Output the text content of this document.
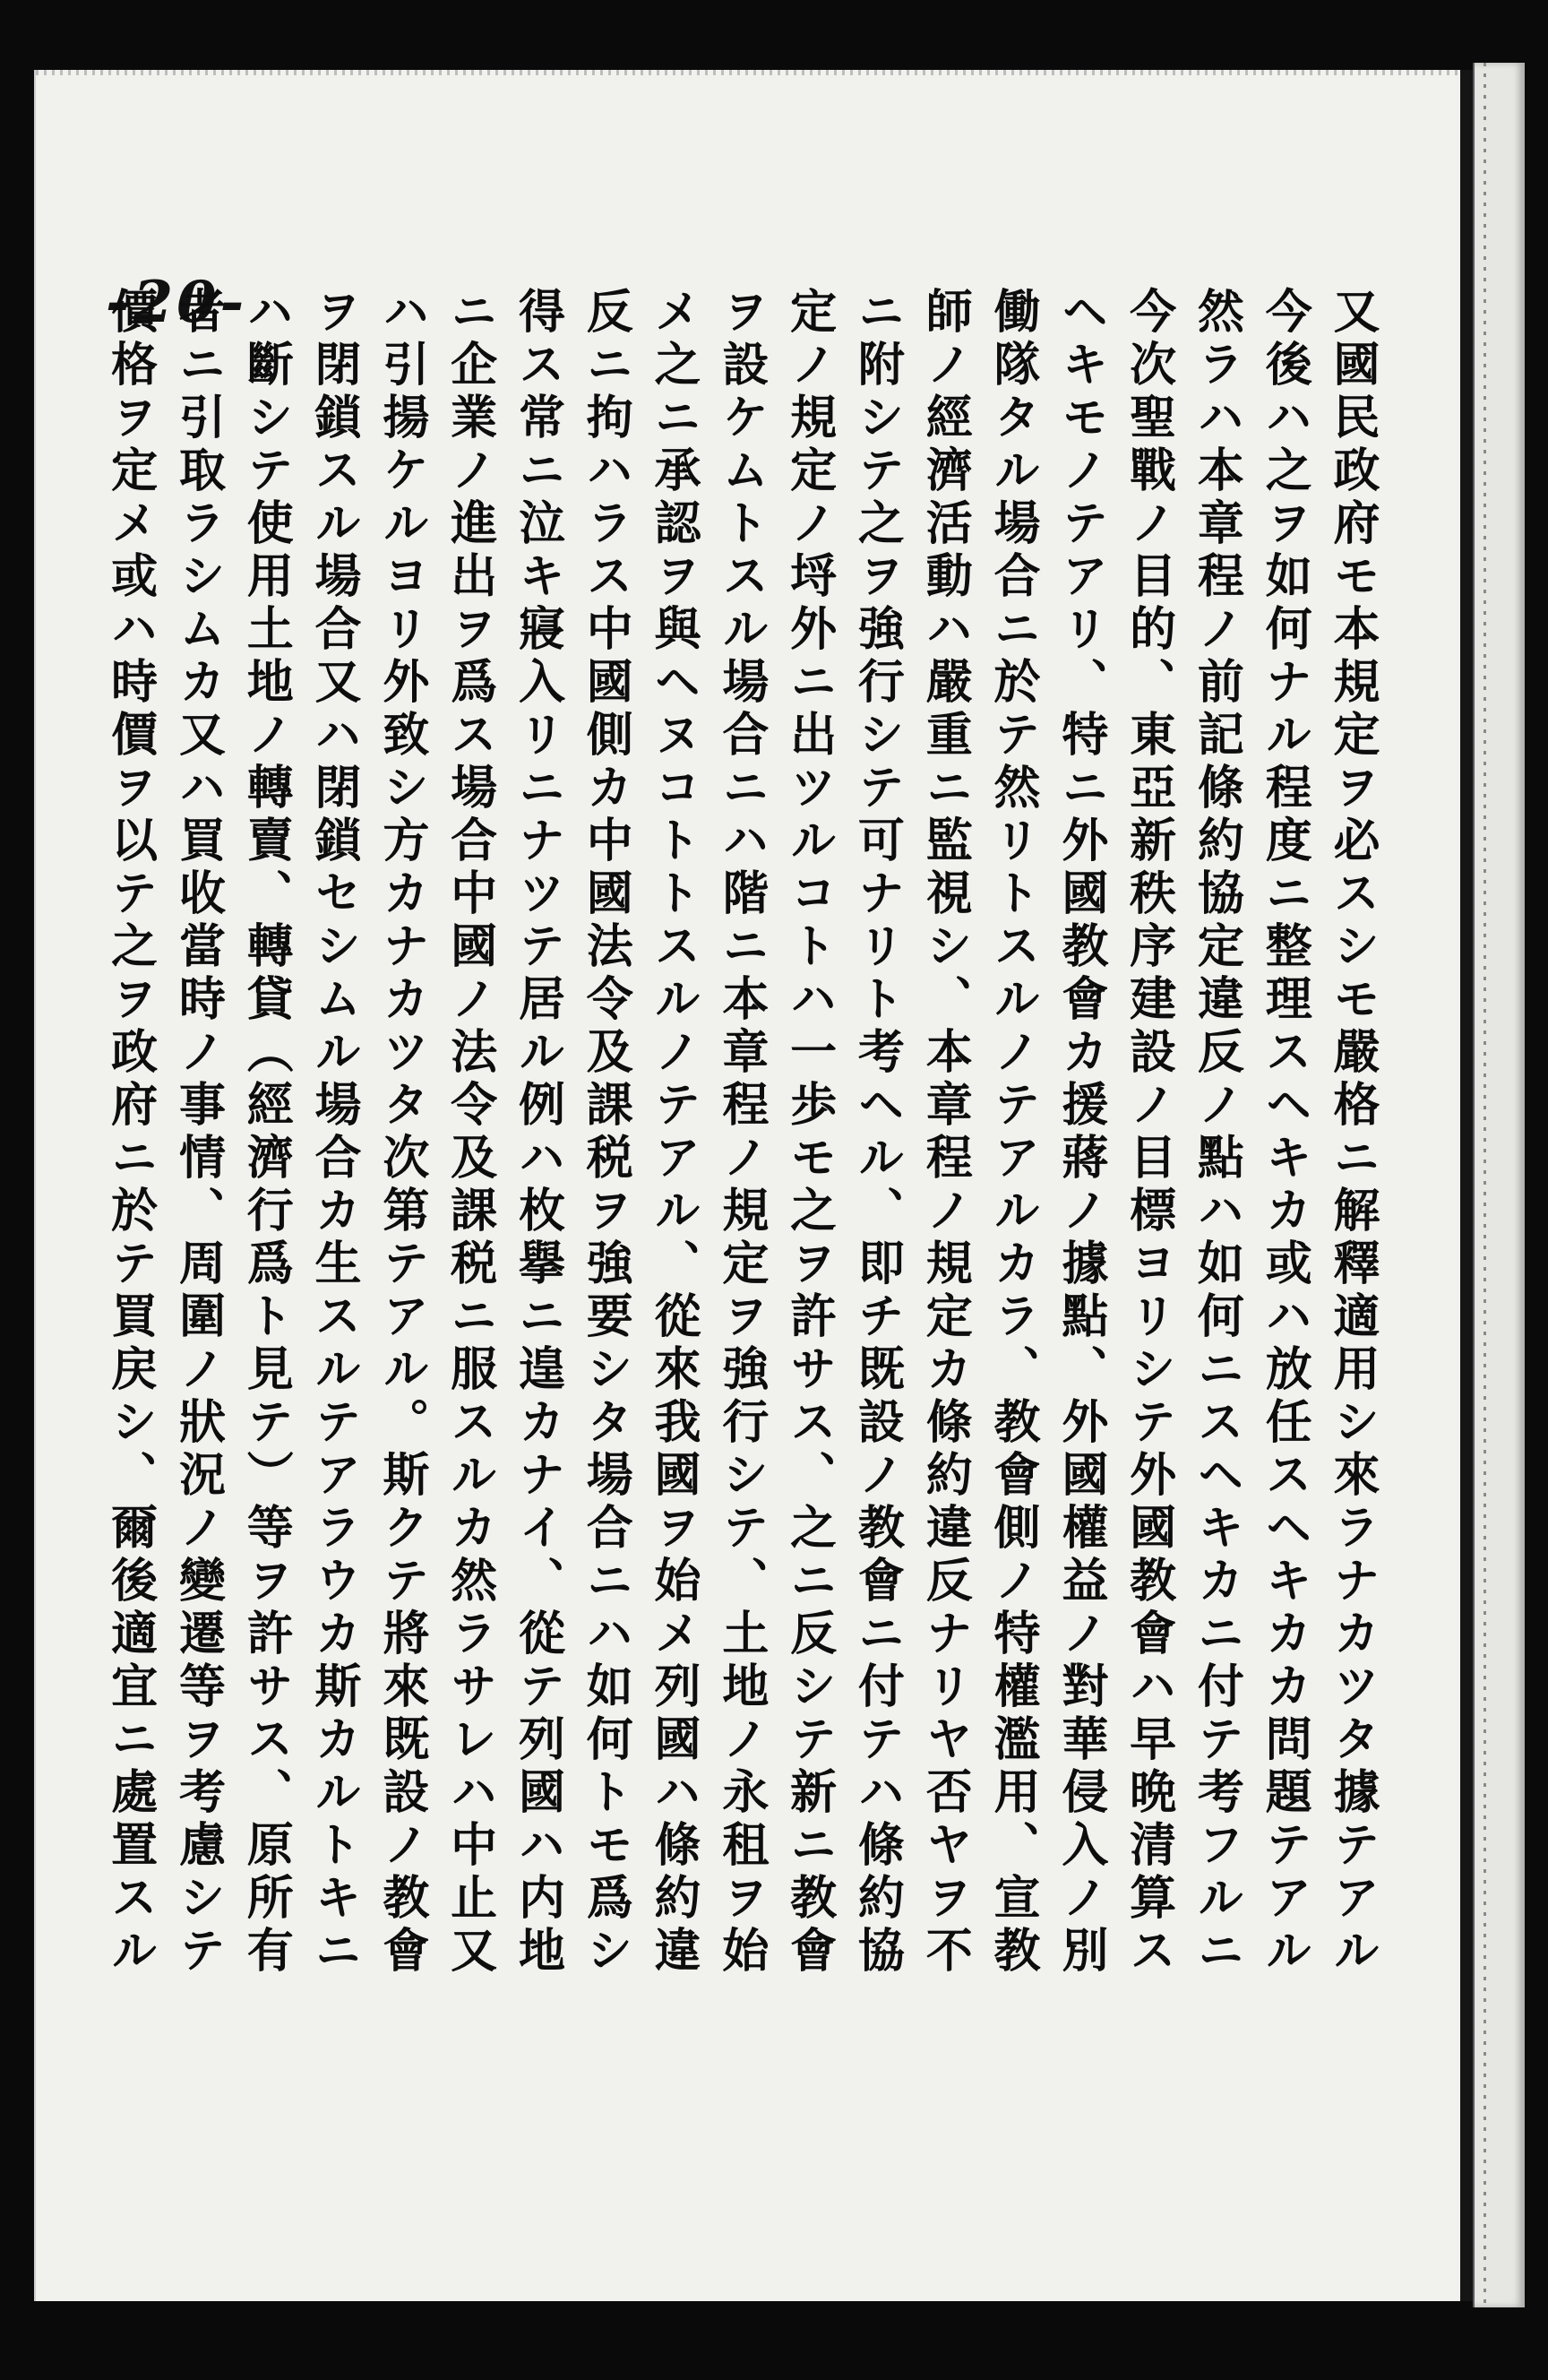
-20-	又國民政府モ本規定ヲ必スシモ嚴格ニ解釋適用シ來ラナカツタ據テアル
今後ハ之ヲ如何ナル程度ニ整理スヘキカ或ハ放任スヘキカカ問題テアル
然ラハ本章程ノ前記條約協定違反ノ點ハ如何ニスヘキカニ付テ考フルニ
今次聖戰ノ目的、東亞新秩序建設ノ目標ヨリシテ外國教會ハ早晩清算ス
ヘキモノテアリ、特ニ外國教會カ援蔣ノ據點、外國權益ノ對華侵入ノ別
働隊タル場合ニ於テ然リトスルノテアルカラ、教會側ノ特權濫用、宣教
師ノ經濟活動ハ嚴重ニ監視シ、本章程ノ規定カ條約違反ナリヤ否ヤヲ不
ニ附シテ之ヲ強行シテ可ナリト考ヘル、即チ既設ノ教會ニ付テハ條約協
定ノ規定ノ埒外ニ出ツルコトハ一歩モ之ヲ許サス、之ニ反シテ新ニ教會
ヲ設ケムトスル場合ニハ階ニ本章程ノ規定ヲ強行シテ、土地ノ永租ヲ始
メ之ニ承認ヲ與ヘヌコトトスルノテアル、從來我國ヲ始メ列國ハ條約違
反ニ拘ハラス中國側カ中國法令及課税ヲ強要シタ場合ニハ如何トモ爲シ
得ス常ニ泣キ寢入リニナツテ居ル例ハ枚擧ニ遑カナイ、從テ列國ハ内地
ニ企業ノ進出ヲ爲ス場合中國ノ法令及課税ニ服スルカ然ラサレハ中止又
ハ引揚ケルヨリ外致シ方カナカツタ次第テアル。斯クテ將來既設ノ教會
ヲ閉鎖スル場合又ハ閉鎖セシムル場合カ生スルテアラウカ斯カルトキニ
ハ斷シテ使用土地ノ轉賣、轉貸（經濟行爲ト見テ）等ヲ許サス、原所有
者ニ引取ラシムカ又ハ買收當時ノ事情、周圍ノ狀況ノ變遷等ヲ考慮シテ
價格ヲ定メ或ハ時價ヲ以テ之ヲ政府ニ於テ買戻シ、爾後適宜ニ處置スル
